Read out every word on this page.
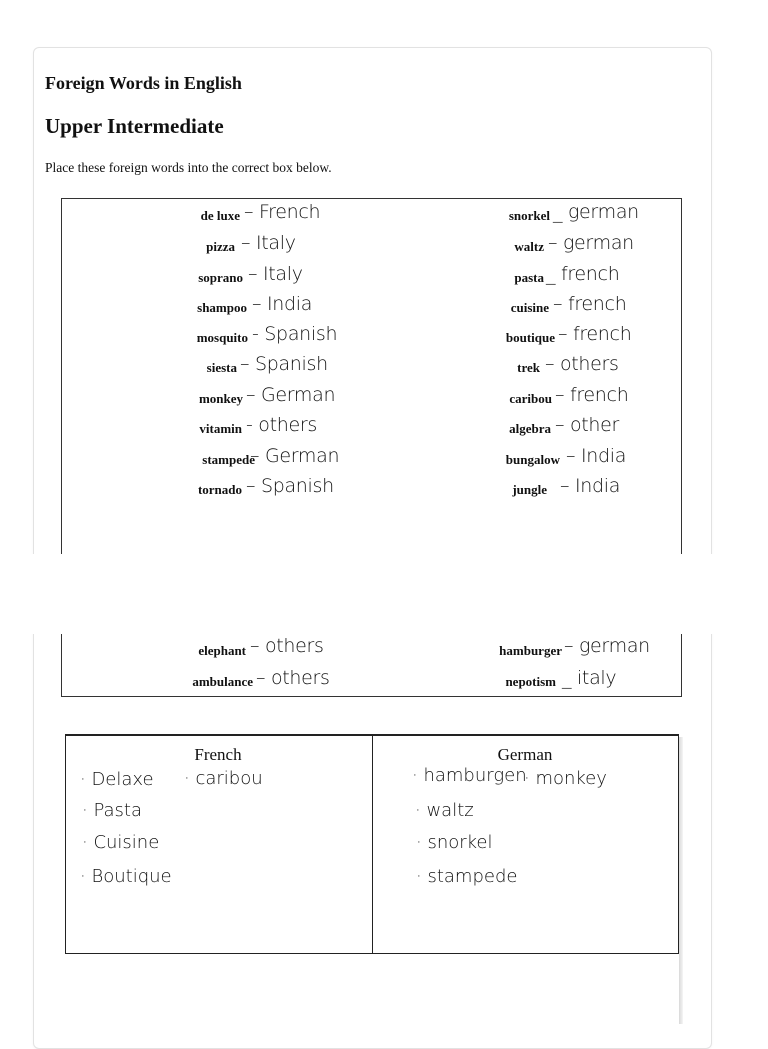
Foreign Words in English
Upper Intermediate
Place these foreign words into the correct box below.
de luxe – French
pizza – Italy
soprano – Italy
shampoo – India
mosquito - Spanish
siesta – Spanish
monkey – German
vitamin - others
stampede
– German
tornado – Spanish
elephant – others
ambulance – others
snorkel _ german
waltz – german
pasta _ french
cuisine – french
boutique – french
trek – others
caribou – french
algebra – other
bungalow – India
jungle – India
hamburger – german
nepotism _ italy
French	German
· Delaxe
· Pasta
· Cuisine
· Boutique
· caribou	· hamburgen
· waltz
· snorkel
· stampede
· monkey
